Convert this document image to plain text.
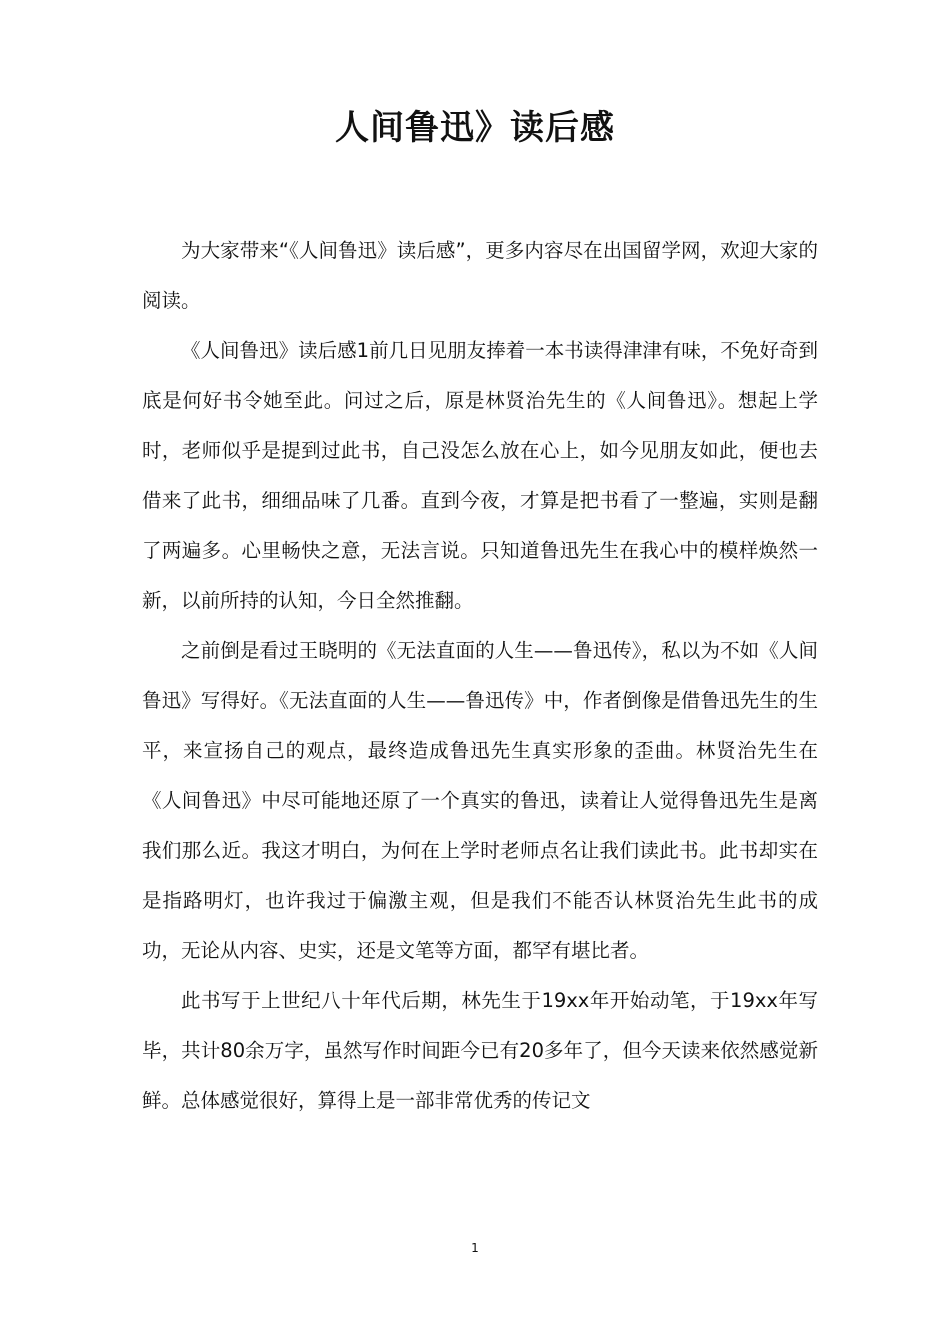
人间鲁迅》读后感

为大家带来“《人间鲁迅》读后感”，更多内容尽在出国留学网，欢迎大家的阅读。

《人间鲁迅》读后感1前几日见朋友捧着一本书读得津津有味，不免好奇到底是何好书令她至此。问过之后，原是林贤治先生的《人间鲁迅》。想起上学时，老师似乎是提到过此书，自己没怎么放在心上，如今见朋友如此，便也去借来了此书，细细品味了几番。直到今夜，才算是把书看了一整遍，实则是翻了两遍多。心里畅快之意，无法言说。只知道鲁迅先生在我心中的模样焕然一新，以前所持的认知，今日全然推翻。

之前倒是看过王晓明的《无法直面的人生——鲁迅传》，私以为不如《人间鲁迅》写得好。《无法直面的人生——鲁迅传》中，作者倒像是借鲁迅先生的生平，来宣扬自己的观点，最终造成鲁迅先生真实形象的歪曲。林贤治先生在《人间鲁迅》中尽可能地还原了一个真实的鲁迅，读着让人觉得鲁迅先生是离我们那么近。我这才明白，为何在上学时老师点名让我们读此书。此书却实在是指路明灯，也许我过于偏激主观，但是我们不能否认林贤治先生此书的成功，无论从内容、史实，还是文笔等方面，都罕有堪比者。

此书写于上世纪八十年代后期，林先生于19xx年开始动笔，于19xx年写毕，共计80余万字，虽然写作时间距今已有20多年了，但今天读来依然感觉新鲜。总体感觉很好，算得上是一部非常优秀的传记文

1
